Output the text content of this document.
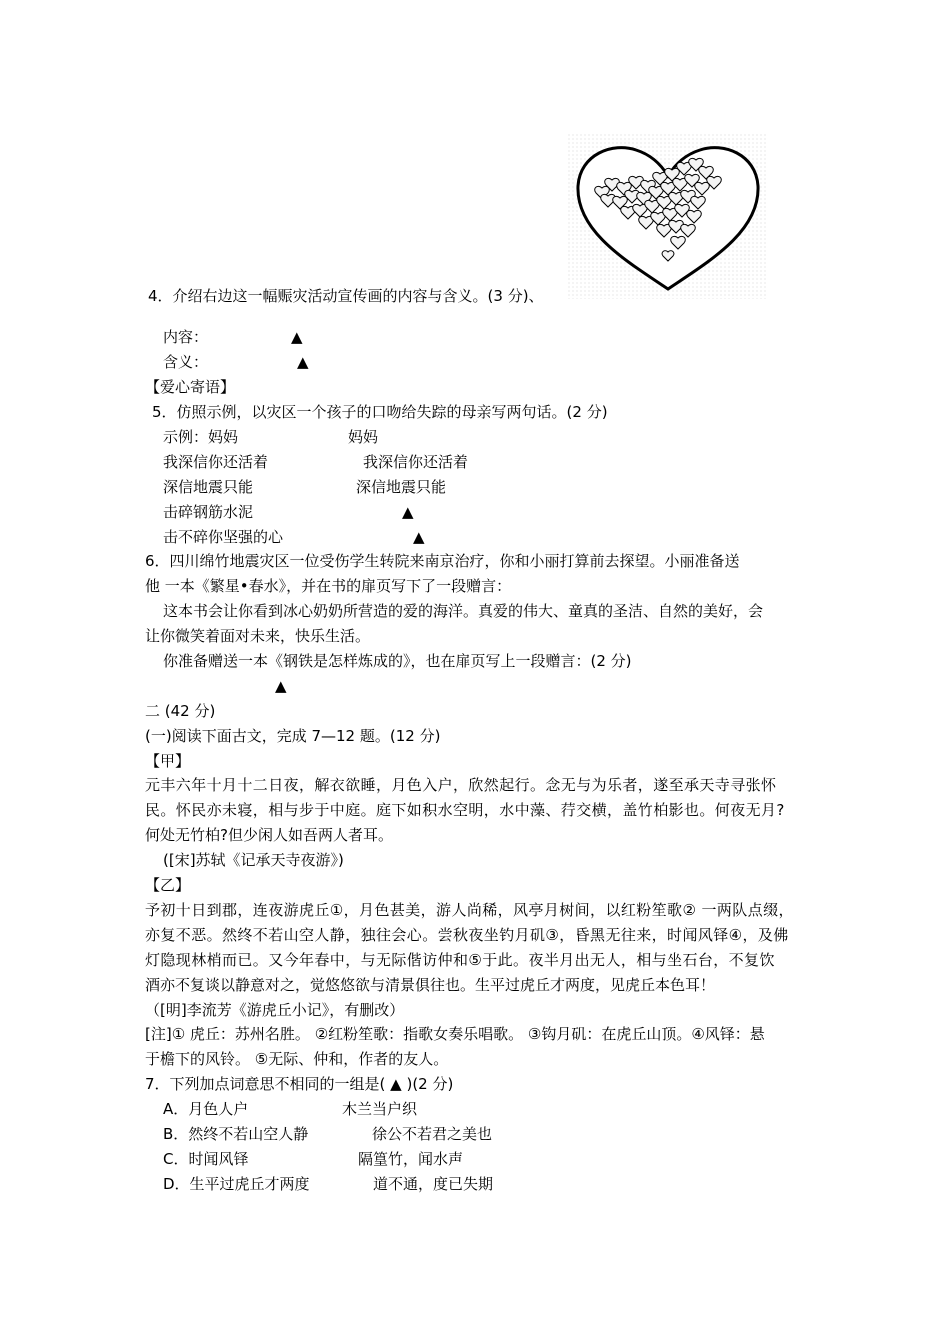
4．介绍右边这一幅赈灾活动宣传画的内容与含义。(3 分)、
内容：	▲
含义：	▲
【爱心寄语】
5．仿照示例，以灾区一个孩子的口吻给失踪的母亲写两句话。(2 分)
示例：妈妈	妈妈
我深信你还活着	我深信你还活着
深信地震只能	深信地震只能
击碎钢筋水泥	▲
击不碎你坚强的心	▲
6．四川绵竹地震灾区一位受伤学生转院来南京治疗，你和小丽打算前去探望。小丽准备送
他 一本《繁星•春水》，并在书的扉页写下了一段赠言：
这本书会让你看到冰心奶奶所营造的爱的海洋。真爱的伟大、童真的圣洁、自然的美好，会
让你微笑着面对未来，快乐生活。
你准备赠送一本《钢铁是怎样炼成的》，也在扉页写上一段赠言：(2 分)
▲
二 (42 分)
(一)阅读下面古文，完成 7—12 题。(12 分)
【甲】
元丰六年十月十二日夜，解衣欲睡，月色入户，欣然起行。念无与为乐者，遂至承天寺寻张怀
民。怀民亦未寝，相与步于中庭。庭下如积水空明，水中藻、荇交横，盖竹柏影也。何夜无月?
何处无竹柏?但少闲人如吾两人者耳。
([宋]苏轼《记承天寺夜游》)
【乙】
予初十日到郡，连夜游虎丘①，月色甚美，游人尚稀，风亭月树间，以红粉笙歌② 一两队点缀，
亦复不恶。然终不若山空人静，独往会心。尝秋夜坐钓月矶③，昏黑无往来，时闻风铎④，及佛
灯隐现林梢而已。又今年春中，与无际偕访仲和⑤于此。夜半月出无人，相与坐石台，不复饮
酒亦不复谈以静意对之，觉悠悠欲与清景俱往也。生平过虎丘才两度，见虎丘本色耳！
（[明]李流芳《游虎丘小记》，有删改）
[注]① 虎丘：苏州名胜。 ②红粉笙歌：指歌女奏乐唱歌。 ③钩月矶：在虎丘山顶。④风铎：悬
于檐下的风铃。 ⑤无际、仲和，作者的友人。
7．下列加点词意思不相同的一组是( ▲ )(2 分)
A．月色人户	木兰当户织
B．然终不若山空人静	徐公不若君之美也
C．时闻风铎	隔篁竹，闻水声
D．生平过虎丘才两度	道不通，度已失期
